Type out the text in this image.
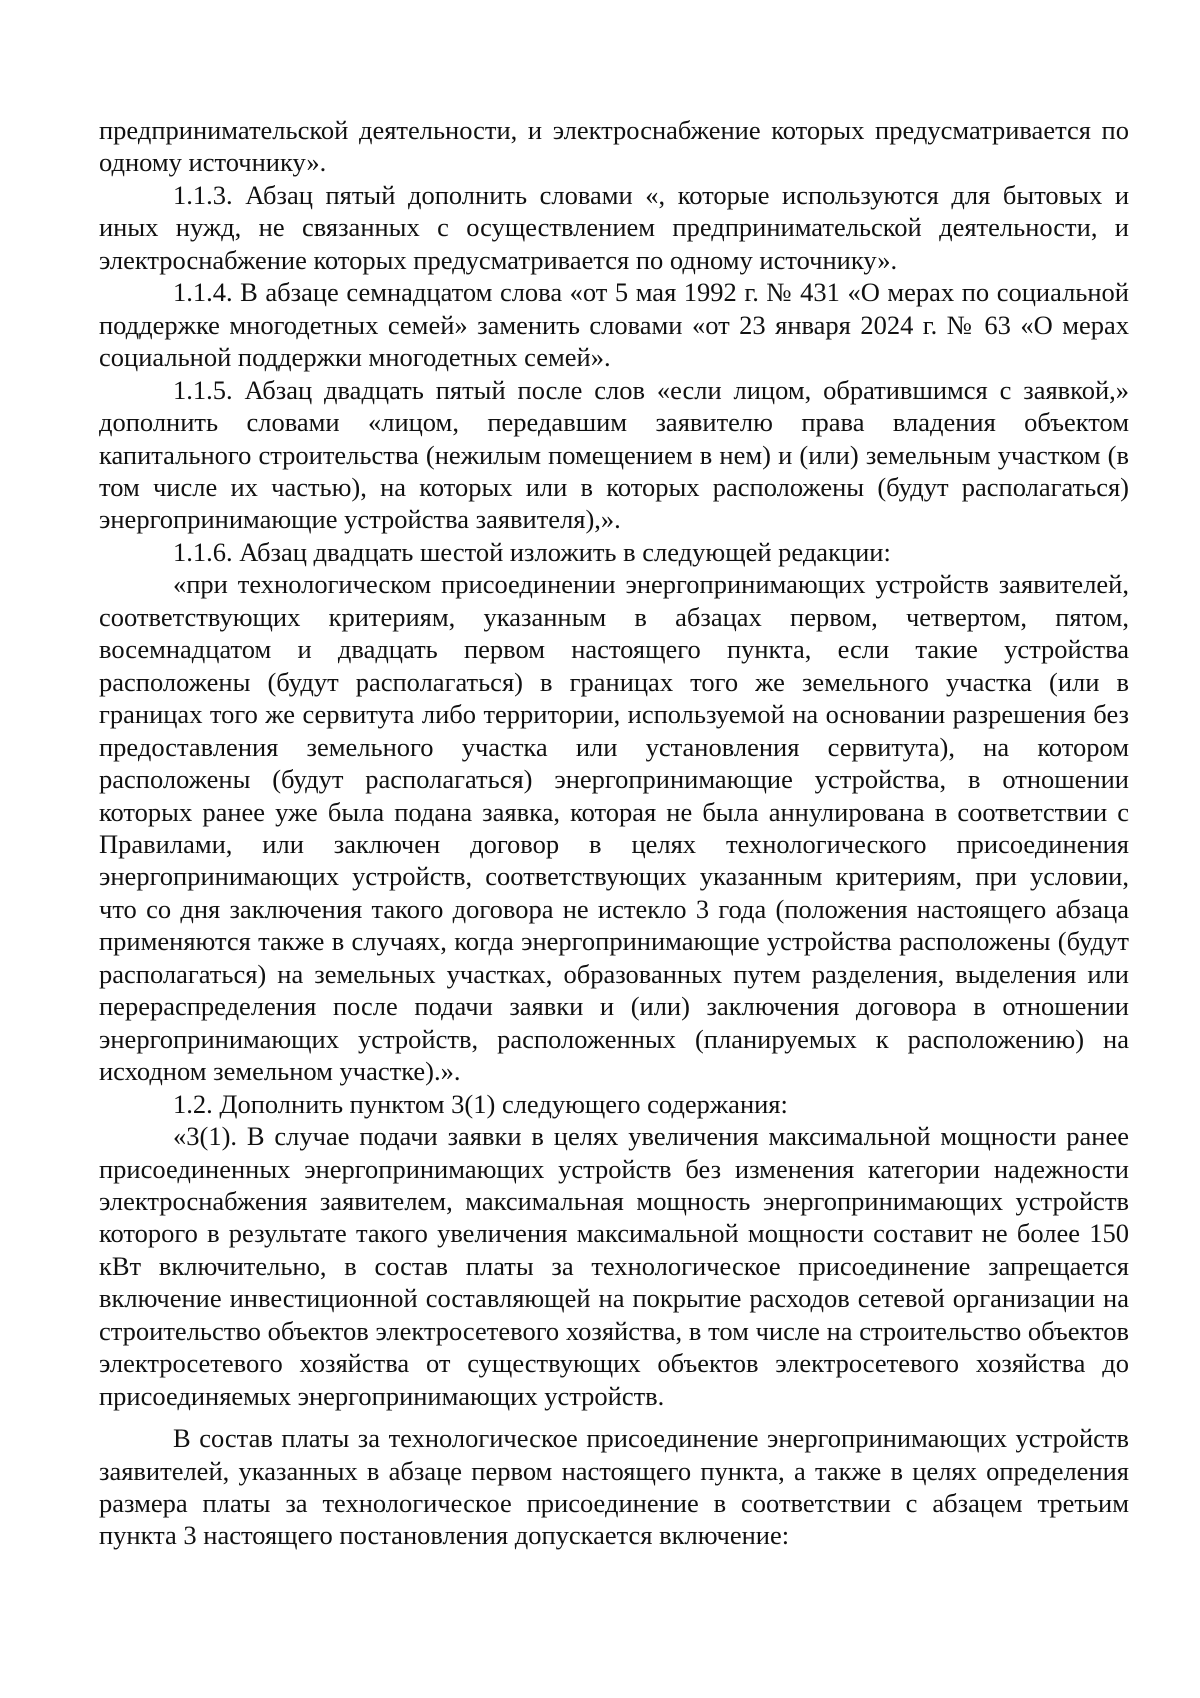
предпринимательской деятельности, и электроснабжение которых предусматривается по одному источнику».

1.1.3. Абзац пятый дополнить словами «, которые используются для бытовых и иных нужд, не связанных с осуществлением предпринимательской деятельности, и электроснабжение которых предусматривается по одному источнику».

1.1.4. В абзаце семнадцатом слова «от 5 мая 1992 г. № 431 «О мерах по социальной поддержке многодетных семей» заменить словами «от 23 января 2024 г. № 63 «О мерах социальной поддержки многодетных семей».

1.1.5. Абзац двадцать пятый после слов «если лицом, обратившимся с заявкой,» дополнить словами «лицом, передавшим заявителю права владения объектом капитального строительства (нежилым помещением в нем) и (или) земельным участком (в том числе их частью), на которых или в которых расположены (будут располагаться) энергопринимающие устройства заявителя),».

1.1.6. Абзац двадцать шестой изложить в следующей редакции:

«при технологическом присоединении энергопринимающих устройств заявителей, соответствующих критериям, указанным в абзацах первом, четвертом, пятом, восемнадцатом и двадцать первом настоящего пункта, если такие устройства расположены (будут располагаться) в границах того же земельного участка (или в границах того же сервитута либо территории, используемой на основании разрешения без предоставления земельного участка или установления сервитута), на котором расположены (будут располагаться) энергопринимающие устройства, в отношении которых ранее уже была подана заявка, которая не была аннулирована в соответствии с Правилами, или заключен договор в целях технологического присоединения энергопринимающих устройств, соответствующих указанным критериям, при условии, что со дня заключения такого договора не истекло 3 года (положения настоящего абзаца применяются также в случаях, когда энергопринимающие устройства расположены (будут располагаться) на земельных участках, образованных путем разделения, выделения или перераспределения после подачи заявки и (или) заключения договора в отношении энергопринимающих устройств, расположенных (планируемых к расположению) на исходном земельном участке).».

1.2. Дополнить пунктом 3(1) следующего содержания:

«3(1). В случае подачи заявки в целях увеличения максимальной мощности ранее присоединенных энергопринимающих устройств без изменения категории надежности электроснабжения заявителем, максимальная мощность энергопринимающих устройств которого в результате такого увеличения максимальной мощности составит не более 150 кВт включительно, в состав платы за технологическое присоединение запрещается включение инвестиционной составляющей на покрытие расходов сетевой организации на строительство объектов электросетевого хозяйства, в том числе на строительство объектов электросетевого хозяйства от существующих объектов электросетевого хозяйства до присоединяемых энергопринимающих устройств.

В состав платы за технологическое присоединение энергопринимающих устройств заявителей, указанных в абзаце первом настоящего пункта, а также в целях определения размера платы за технологическое присоединение в соответствии с абзацем третьим пункта 3 настоящего постановления допускается включение:
